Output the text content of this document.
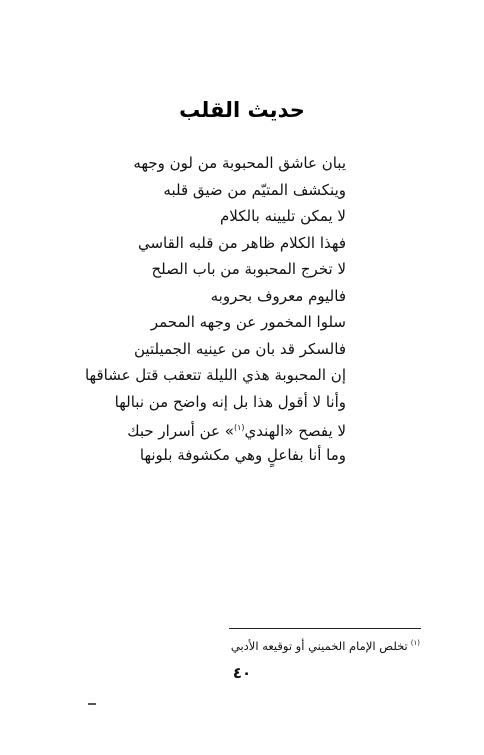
حديث القلب
يبان عاشق المحبوبة من لون وجهه
وينكشف المتيّم من ضيق قلبه
لا يمكن تليينه بالكلام
فهذا الكلام ظاهر من قلبه القاسي
لا تخرج المحبوبة من باب الصلح
فاليوم معروف بحروبه
سلوا المخمور عن وجهه المحمر
فالسكر قد بان من عينيه الجميلتين
إن المحبوبة هذي الليلة تتعقب قتل عشاقها
وأنا لا أقول هذا بل إنه واضح من نبالها
لا يفصح «الهندي$^{(١)}$» عن أسرار حبك
وما أنا بفاعلٍ وهي مكشوفة بلونها
$^{(١)}$تخلص الإمام الخميني أو توقيعه الأدبي
٤٠
